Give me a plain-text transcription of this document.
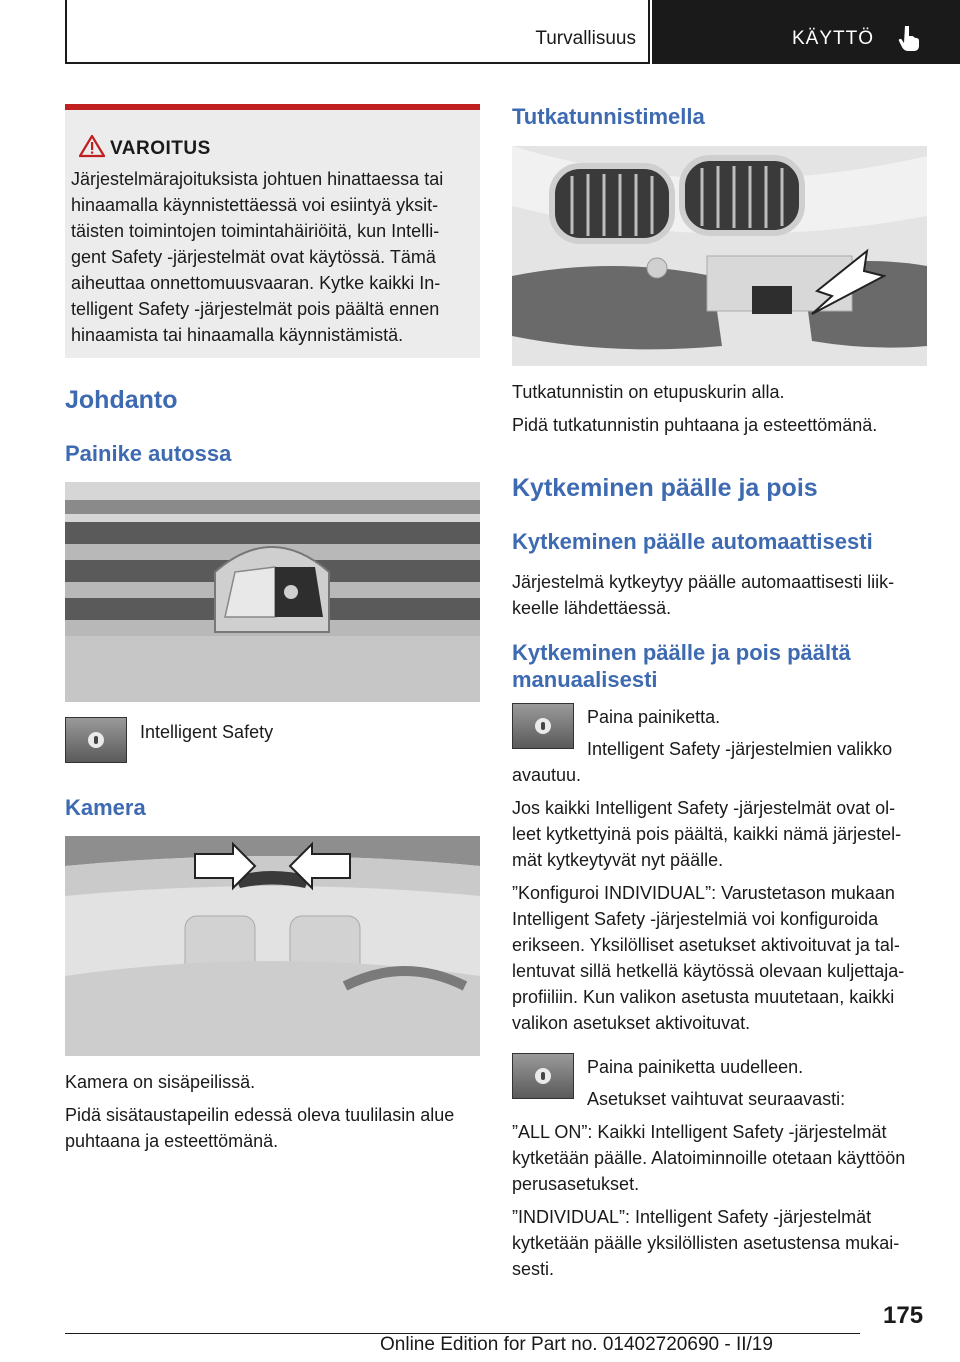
Turvallisuus	KÄYTTÖ
VAROITUS
Järjestelmärajoituksista johtuen hinattaessa tai
hinaamalla käynnistettäessä voi esiintyä yksit-
täisten toimintojen toimintahäiriöitä, kun Intelli-
gent Safety -järjestelmät ovat käytössä. Tämä
aiheuttaa onnettomuusvaaran. Kytke kaikki In-
telligent Safety -järjestelmät pois päältä ennen
hinaamista tai hinaamalla käynnistämistä.
Johdanto
Painike autossa
Intelligent Safety
Kamera
Kamera on sisäpeilissä.
Pidä sisätaustapeilin edessä oleva tuulilasin alue
puhtaana ja esteettömänä.
Tutkatunnistimella
Tutkatunnistin on etupuskurin alla.
Pidä tutkatunnistin puhtaana ja esteettömänä.
Kytkeminen päälle ja pois
Kytkeminen päälle automaattisesti
Järjestelmä kytkeytyy päälle automaattisesti liik-
keelle lähdettäessä.
Kytkeminen päälle ja pois päältä
manuaalisesti
Paina painiketta.
Intelligent Safety -järjestelmien valikko
avautuu.
Jos kaikki Intelligent Safety -järjestelmät ovat ol-
leet kytkettyinä pois päältä, kaikki nämä järjestel-
mät kytkeytyvät nyt päälle.
”Konfiguroi INDIVIDUAL”: Varustetason mukaan
Intelligent Safety -järjestelmiä voi konfiguroida
erikseen. Yksilölliset asetukset aktivoituvat ja tal-
lentuvat sillä hetkellä käytössä olevaan kuljettaja-
profiiliin. Kun valikon asetusta muutetaan, kaikki
valikon asetukset aktivoituvat.
Paina painiketta uudelleen.
Asetukset vaihtuvat seuraavasti:
”ALL ON”: Kaikki Intelligent Safety -järjestelmät
kytketään päälle. Alatoiminnoille otetaan käyttöön
perusasetukset.
”INDIVIDUAL”: Intelligent Safety -järjestelmät
kytketään päälle yksilöllisten asetustensa mukai-
sesti.
175
Online Edition for Part no. 01402720690 - II/19
